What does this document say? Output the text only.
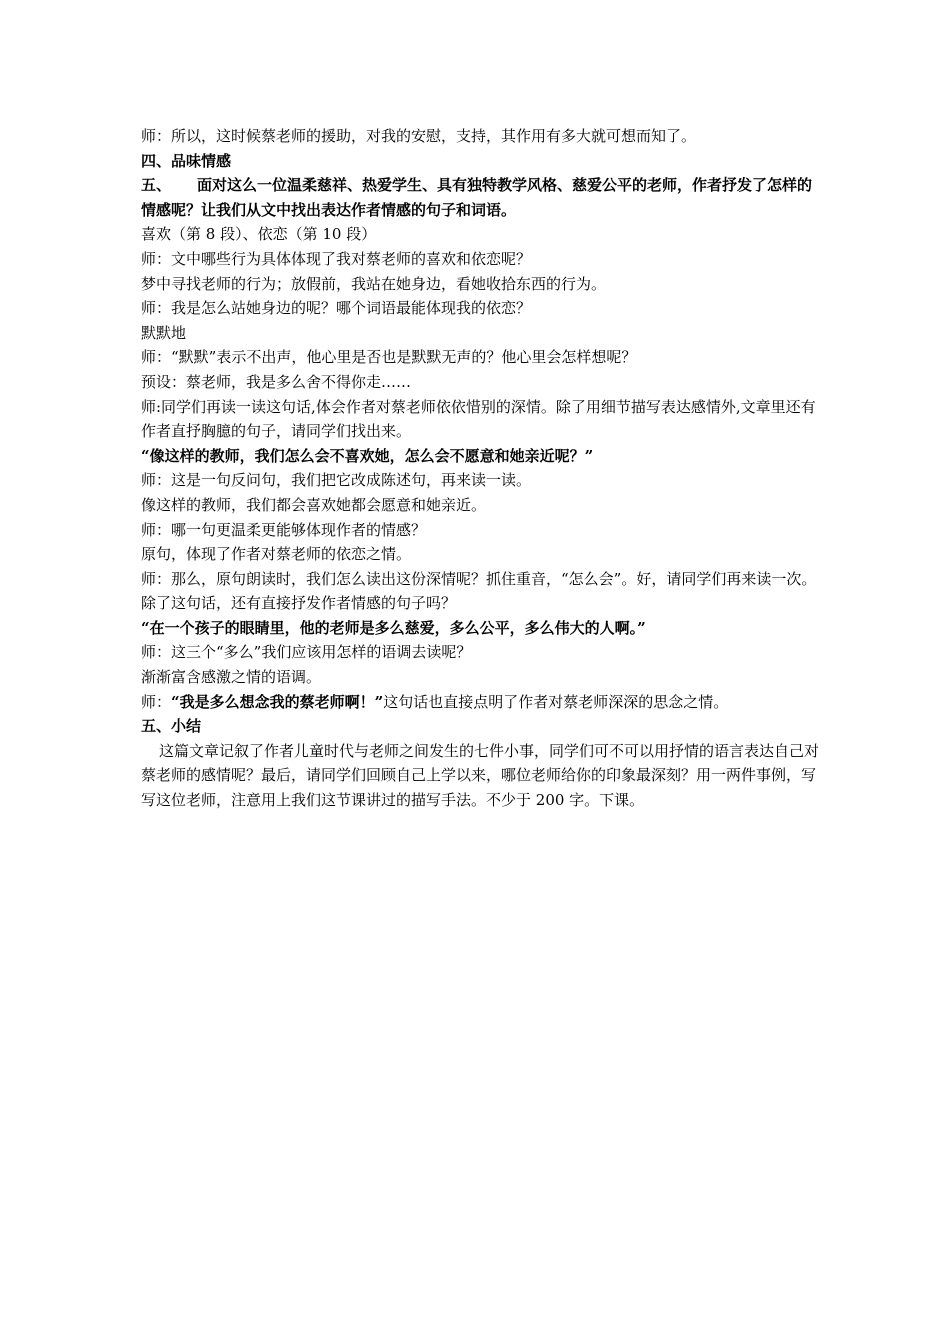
师：所以，这时候蔡老师的援助，对我的安慰，支持，其作用有多大就可想而知了。

四、品味情感

五、 面对这么一位温柔慈祥、热爱学生、具有独特教学风格、慈爱公平的老师，作者抒发了怎样的情感呢？让我们从文中找出表达作者情感的句子和词语。

喜欢（第 8 段）、依恋（第 10 段）

师：文中哪些行为具体体现了我对蔡老师的喜欢和依恋呢？

梦中寻找老师的行为；放假前，我站在她身边，看她收拾东西的行为。

师：我是怎么站她身边的呢？哪个词语最能体现我的依恋？

默默地

师：“默默”表示不出声，他心里是否也是默默无声的？他心里会怎样想呢？

预设：蔡老师，我是多么舍不得你走……

师:同学们再读一读这句话,体会作者对蔡老师依依惜别的深情。除了用细节描写表达感情外,文章里还有作者直抒胸臆的句子，请同学们找出来。

“像这样的教师，我们怎么会不喜欢她，怎么会不愿意和她亲近呢？”

师：这是一句反问句，我们把它改成陈述句，再来读一读。

像这样的教师，我们都会喜欢她都会愿意和她亲近。

师：哪一句更温柔更能够体现作者的情感？

原句，体现了作者对蔡老师的依恋之情。

师：那么，原句朗读时，我们怎么读出这份深情呢？抓住重音，“怎么会”。好，请同学们再来读一次。除了这句话，还有直接抒发作者情感的句子吗？

“在一个孩子的眼睛里，他的老师是多么慈爱，多么公平，多么伟大的人啊。”

师：这三个“多么”我们应该用怎样的语调去读呢？

渐渐富含感激之情的语调。

师：“我是多么想念我的蔡老师啊！”这句话也直接点明了作者对蔡老师深深的思念之情。

五、小结

这篇文章记叙了作者儿童时代与老师之间发生的七件小事，同学们可不可以用抒情的语言表达自己对蔡老师的感情呢？最后，请同学们回顾自己上学以来，哪位老师给你的印象最深刻？用一两件事例，写写这位老师，注意用上我们这节课讲过的描写手法。不少于 200 字。下课。
